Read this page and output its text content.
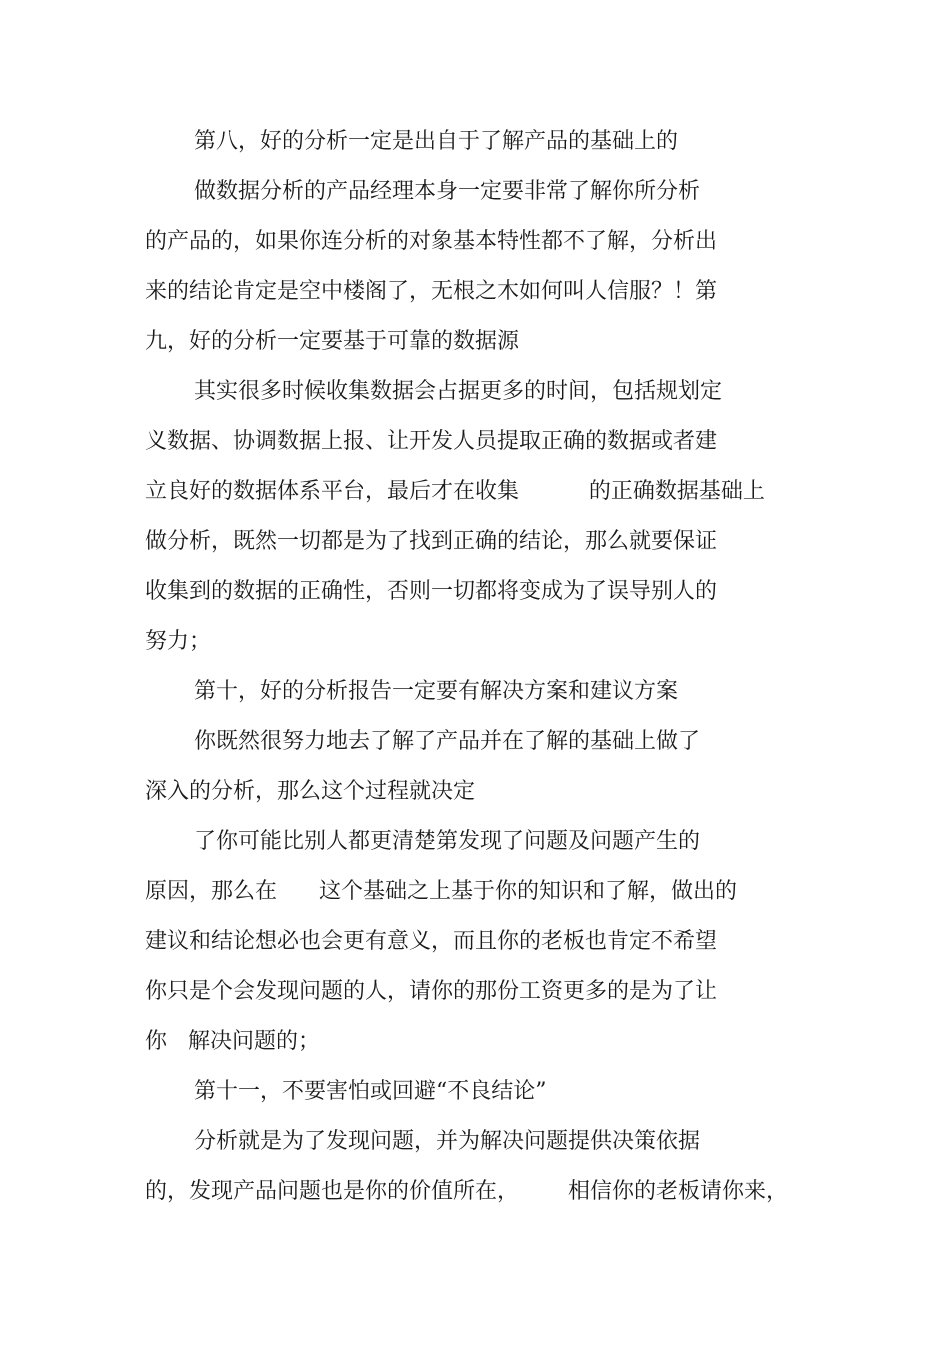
第八，好的分析一定是出自于了解产品的基础上的
做数据分析的产品经理本身一定要非常了解你所分析
的产品的，如果你连分析的对象基本特性都不了解，分析出
来的结论肯定是空中楼阁了，无根之木如何叫人信服？！第
九，好的分析一定要基于可靠的数据源
其实很多时候收集数据会占据更多的时间，包括规划定
义数据、协调数据上报、让开发人员提取正确的数据或者建
立良好的数据体系平台，最后才在收集          的正确数据基础上
做分析，既然一切都是为了找到正确的结论，那么就要保证
收集到的数据的正确性，否则一切都将变成为了误导别人的
努力；
第十，好的分析报告一定要有解决方案和建议方案
你既然很努力地去了解了产品并在了解的基础上做了
深入的分析，那么这个过程就决定
了你可能比别人都更清楚第发现了问题及问题产生的
原因，那么在      这个基础之上基于你的知识和了解，做出的
建议和结论想必也会更有意义，而且你的老板也肯定不希望
你只是个会发现问题的人，请你的那份工资更多的是为了让
你   解决问题的；
第十一，不要害怕或回避“不良结论”
分析就是为了发现问题，并为解决问题提供决策依据
的，发现产品问题也是你的价值所在，       相信你的老板请你来，
